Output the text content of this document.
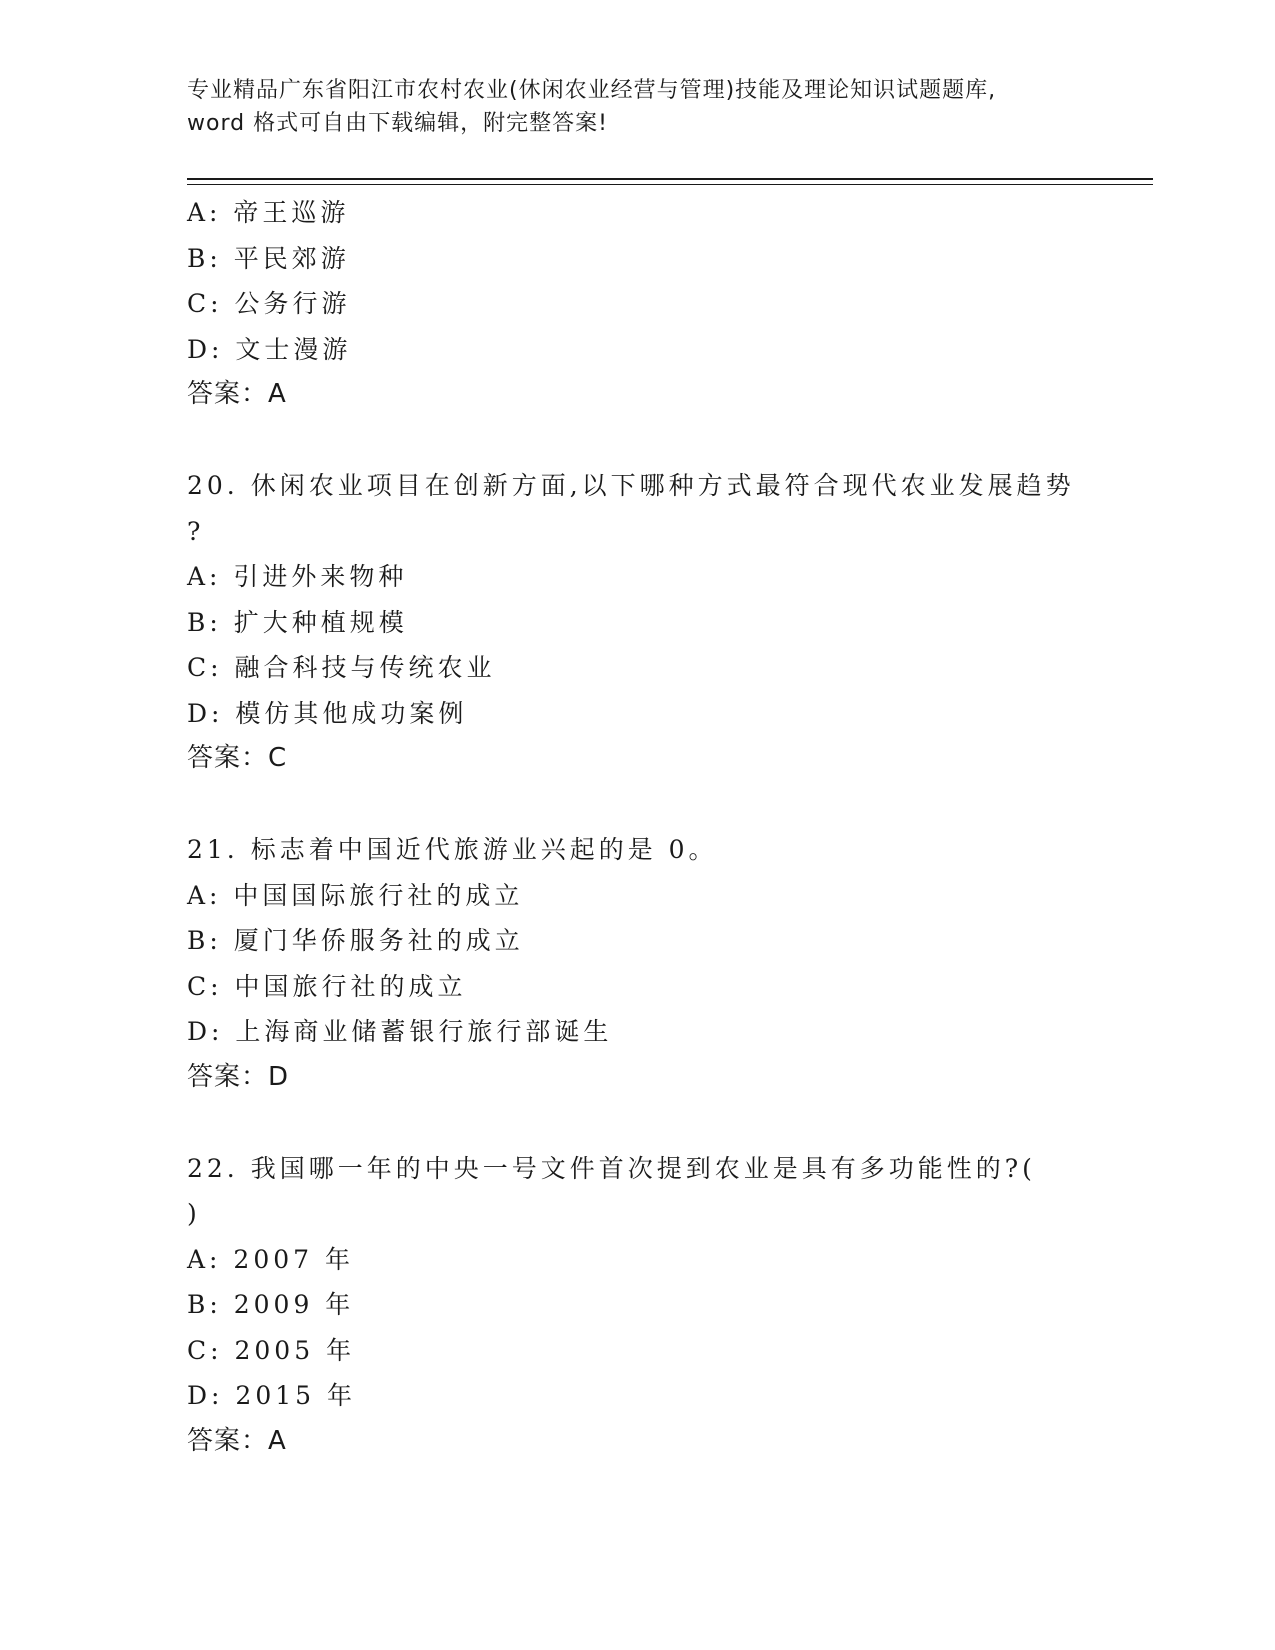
专业精品广东省阳江市农村农业(休闲农业经营与管理)技能及理论知识试题题库,
word 格式可自由下载编辑，附完整答案!
A: 帝王巡游
B: 平民郊游
C: 公务行游
D: 文士漫游
答案：A
20. 休闲农业项目在创新方面,以下哪种方式最符合现代农业发展趋势
?
A: 引进外来物种
B: 扩大种植规模
C: 融合科技与传统农业
D: 模仿其他成功案例
答案：C
21. 标志着中国近代旅游业兴起的是 0。
A: 中国国际旅行社的成立
B: 厦门华侨服务社的成立
C: 中国旅行社的成立
D: 上海商业储蓄银行旅行部诞生
答案：D
22. 我国哪一年的中央一号文件首次提到农业是具有多功能性的?(
)
A: 2007 年
B: 2009 年
C: 2005 年
D: 2015 年
答案：A
